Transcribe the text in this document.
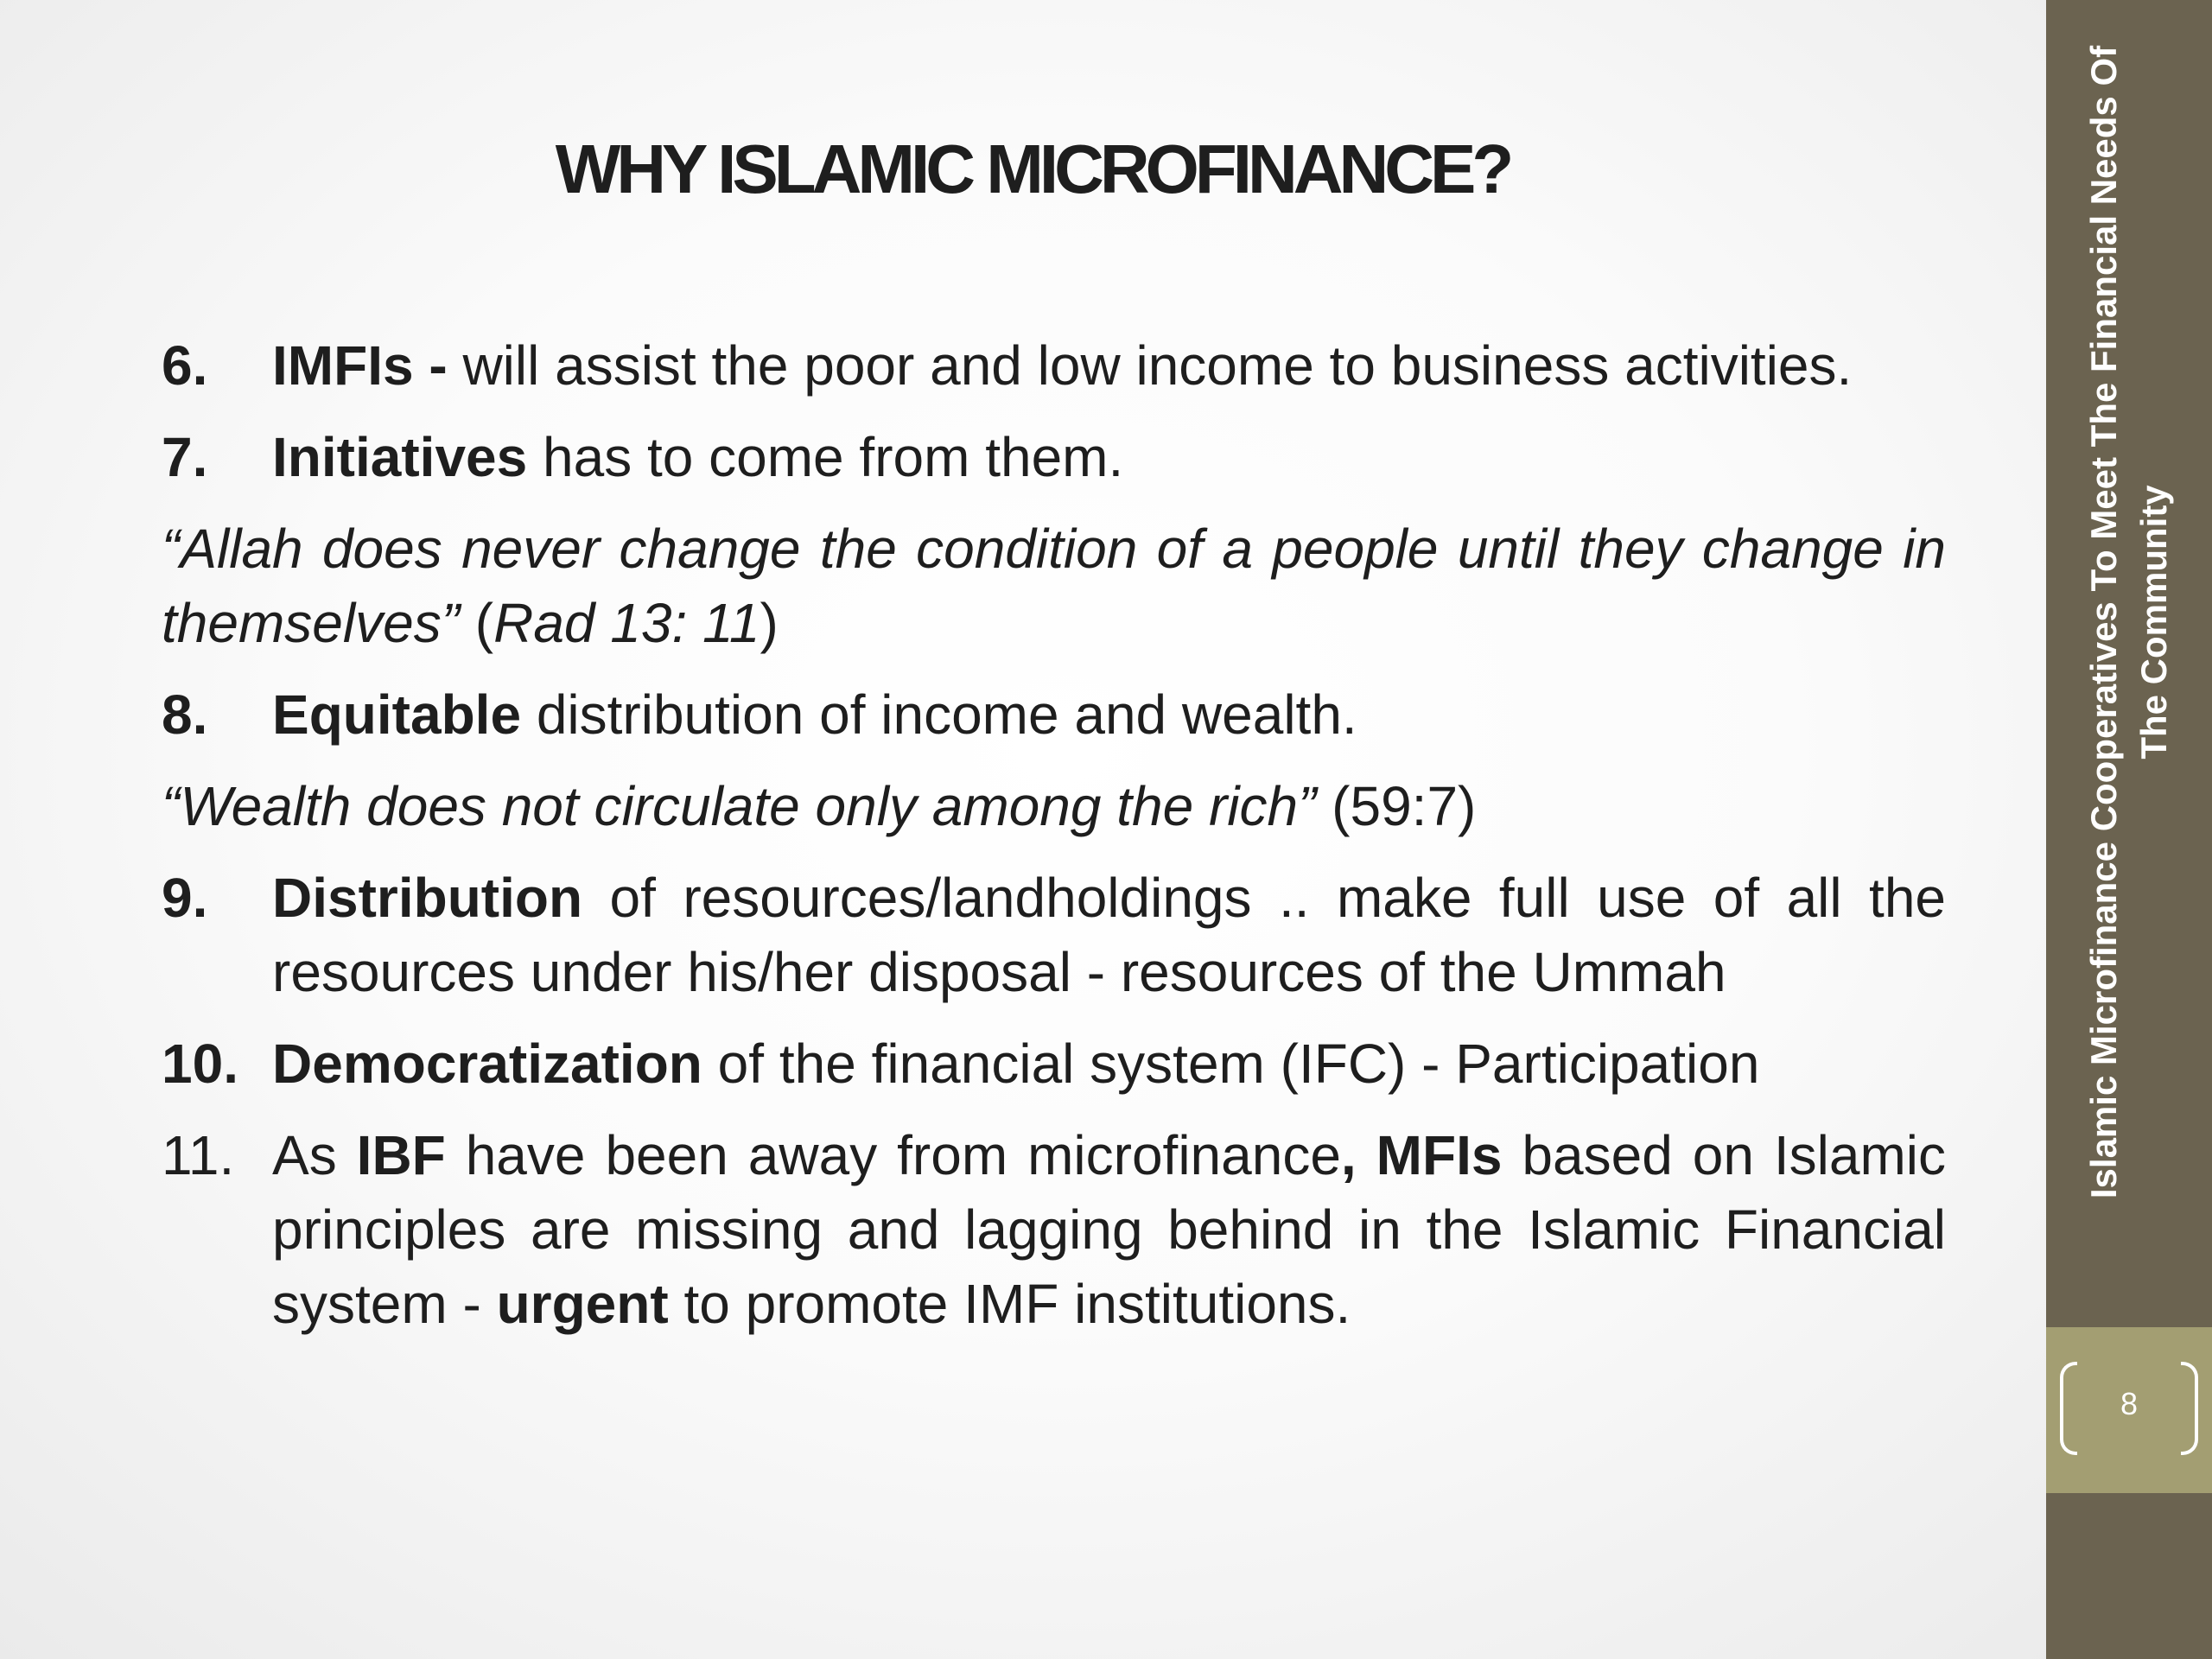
WHY ISLAMIC MICROFINANCE?
6.	IMFIs - will assist the poor and low income to business activities.
7.	Initiatives has to come from them.
“Allah does never change the condition of a people until they change in themselves” (Rad 13: 11)
8.	Equitable distribution of income and wealth.
“Wealth does not circulate only among the rich” (59:7)
9.	Distribution of resources/landholdings .. make full use of all the resources under his/her disposal - resources of the Ummah
10. Democratization of the financial system (IFC) - Participation
11. As IBF have been away from microfinance, MFIs based on Islamic principles are missing and lagging behind in the Islamic Financial system - urgent to promote IMF institutions.
Islamic Microfinance Cooperatives To Meet The Financial Needs Of The Community
8
